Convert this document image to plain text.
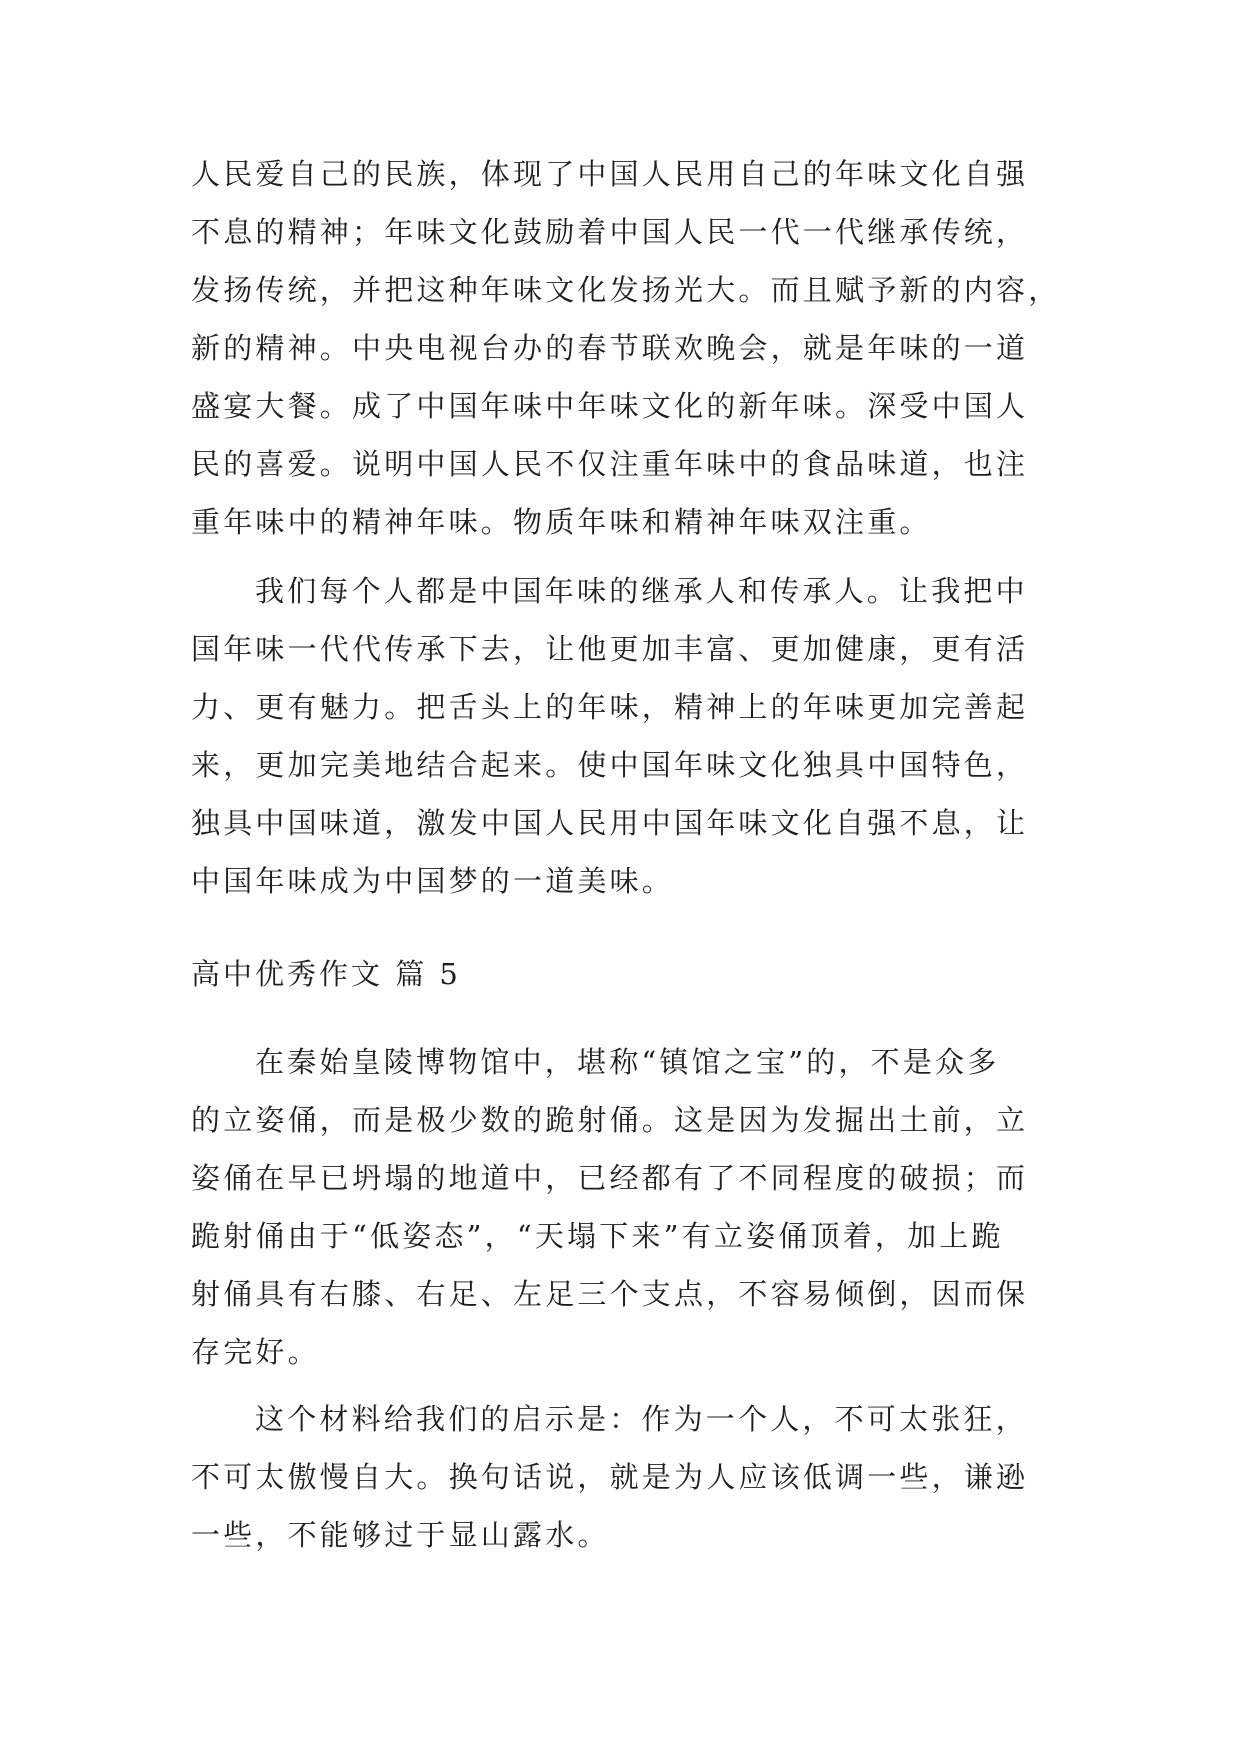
人民爱自己的民族，体现了中国人民用自己的年味文化自强
不息的精神；年味文化鼓励着中国人民一代一代继承传统，
发扬传统，并把这种年味文化发扬光大。而且赋予新的内容，
新的精神。中央电视台办的春节联欢晚会，就是年味的一道
盛宴大餐。成了中国年味中年味文化的新年味。深受中国人
民的喜爱。说明中国人民不仅注重年味中的食品味道，也注
重年味中的精神年味。物质年味和精神年味双注重。
我们每个人都是中国年味的继承人和传承人。让我把中
国年味一代代传承下去，让他更加丰富、更加健康，更有活
力、更有魅力。把舌头上的年味，精神上的年味更加完善起
来，更加完美地结合起来。使中国年味文化独具中国特色，
独具中国味道，激发中国人民用中国年味文化自强不息，让
中国年味成为中国梦的一道美味。
高中优秀作文 篇 5
在秦始皇陵博物馆中，堪称“镇馆之宝”的，不是众多
的立姿俑，而是极少数的跪射俑。这是因为发掘出土前，立
姿俑在早已坍塌的地道中，已经都有了不同程度的破损；而
跪射俑由于“低姿态”，“天塌下来”有立姿俑顶着，加上跪
射俑具有右膝、右足、左足三个支点，不容易倾倒，因而保
存完好。
这个材料给我们的启示是：作为一个人，不可太张狂，
不可太傲慢自大。换句话说，就是为人应该低调一些，谦逊
一些，不能够过于显山露水。
